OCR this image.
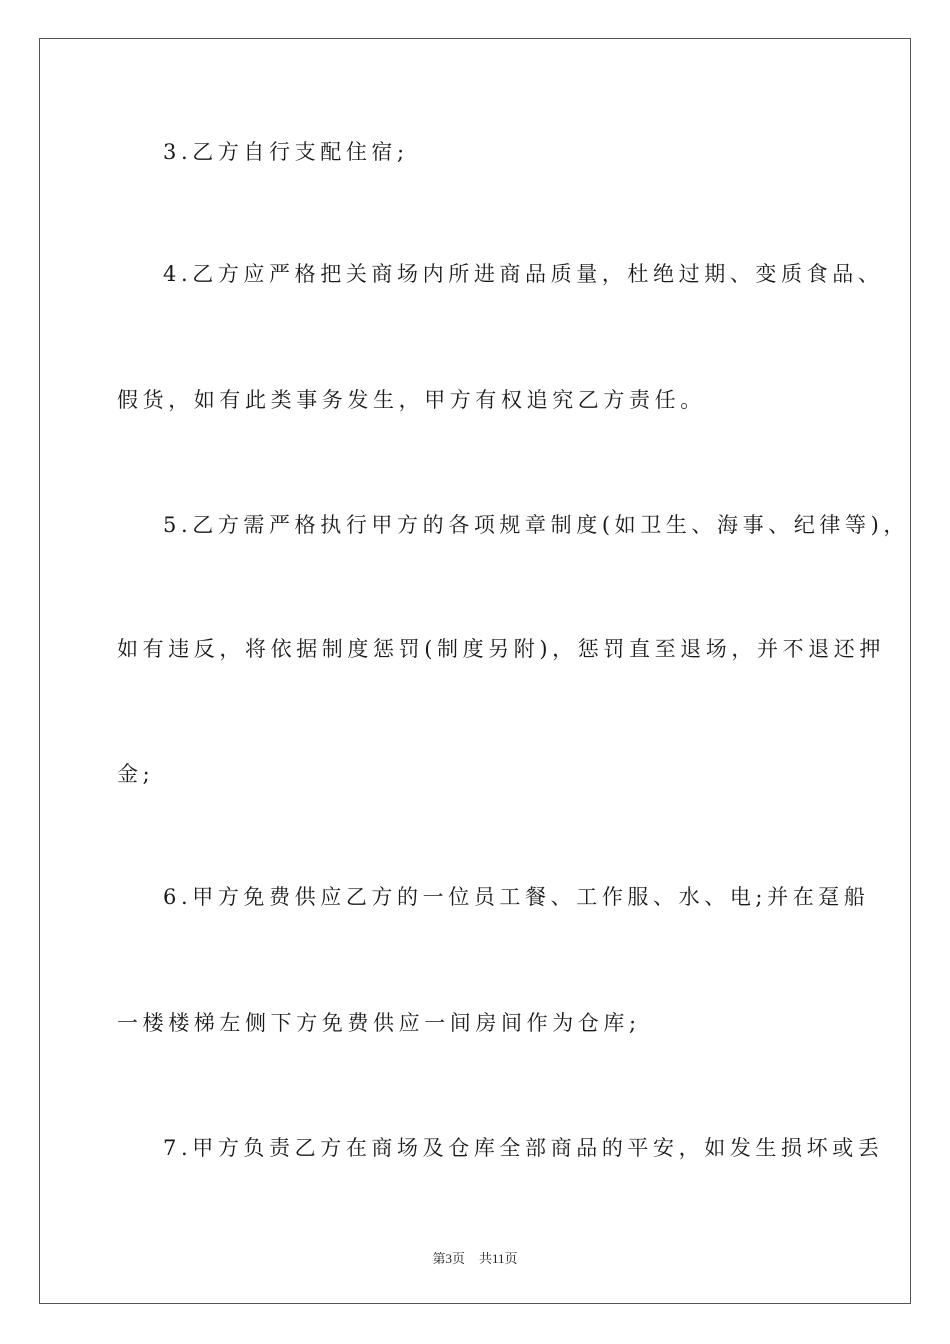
3.乙方自行支配住宿;
4.乙方应严格把关商场内所进商品质量，杜绝过期、变质食品、
假货，如有此类事务发生，甲方有权追究乙方责任。
5.乙方需严格执行甲方的各项规章制度(如卫生、海事、纪律等)，
如有违反，将依据制度惩罚(制度另附)，惩罚直至退场，并不退还押
金;
6.甲方免费供应乙方的一位员工餐、工作服、水、电;并在趸船
一楼楼梯左侧下方免费供应一间房间作为仓库;
7.甲方负责乙方在商场及仓库全部商品的平安，如发生损坏或丢
第3页 共11页
